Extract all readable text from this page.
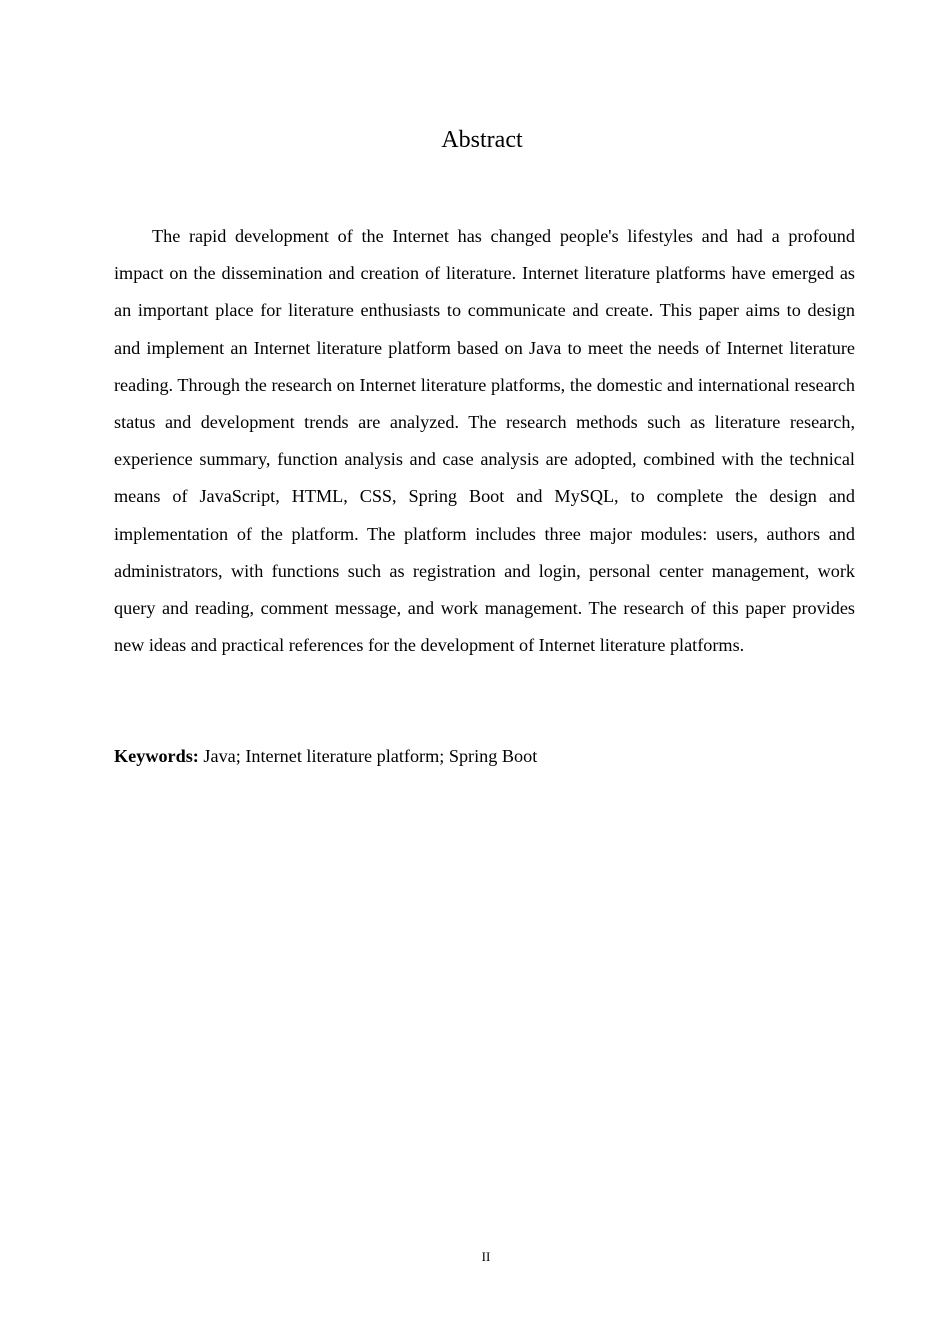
Abstract

The rapid development of the Internet has changed people's lifestyles and had a profound impact on the dissemination and creation of literature. Internet literature platforms have emerged as an important place for literature enthusiasts to communicate and create. This paper aims to design and implement an Internet literature platform based on Java to meet the needs of Internet literature reading. Through the research on Internet literature platforms, the domestic and international research status and development trends are analyzed. The research methods such as literature research, experience summary, function analysis and case analysis are adopted, combined with the technical means of JavaScript, HTML, CSS, Spring Boot and MySQL, to complete the design and implementation of the platform. The platform includes three major modules: users, authors and administrators, with functions such as registration and login, personal center management, work query and reading, comment message, and work management. The research of this paper provides new ideas and practical references for the development of Internet literature platforms.

Keywords: Java; Internet literature platform; Spring Boot

II
